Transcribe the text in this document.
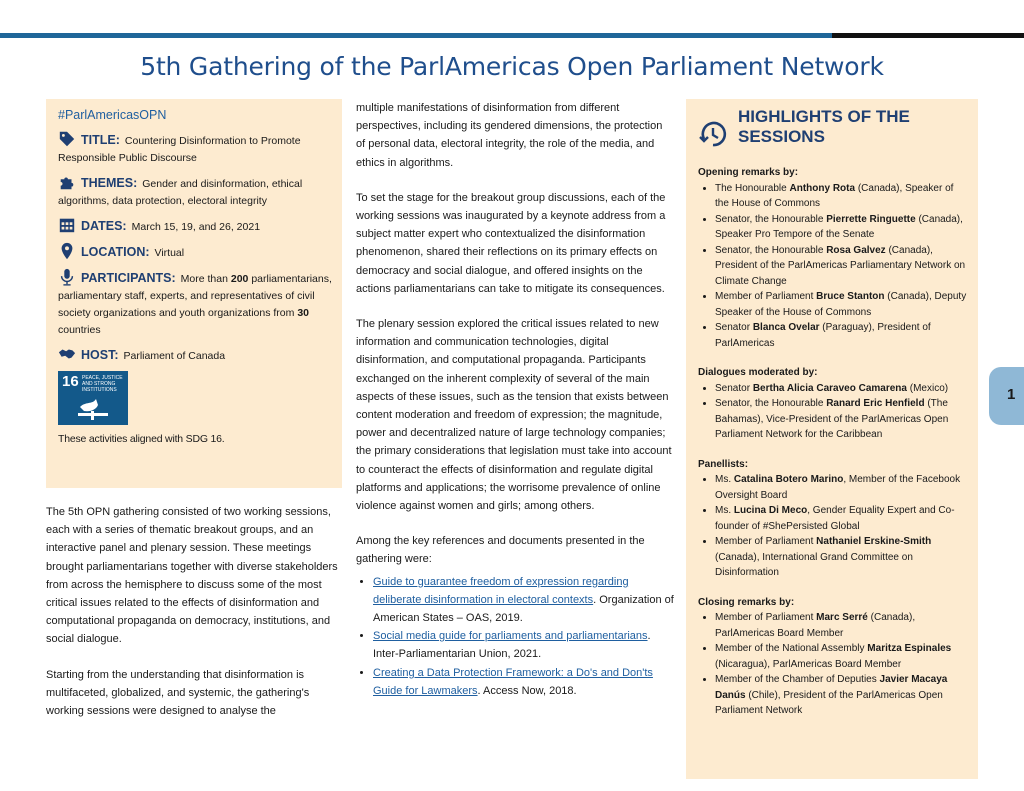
5th Gathering of the ParlAmericas Open Parliament Network
#ParlAmericasOPN
TITLE: Countering Disinformation to Promote Responsible Public Discourse
THEMES: Gender and disinformation, ethical algorithms, data protection, electoral integrity
DATES: March 15, 19, and 26, 2021
LOCATION: Virtual
PARTICIPANTS: More than 200 parliamentarians, parliamentary staff, experts, and representatives of civil society organizations and youth organizations from 30 countries
HOST: Parliament of Canada
16 PEACE, JUSTICE AND STRONG INSTITUTIONS
These activities aligned with SDG 16.

The 5th OPN gathering consisted of two working sessions, each with a series of thematic breakout groups, and an interactive panel and plenary session. These meetings brought parliamentarians together with diverse stakeholders from across the hemisphere to discuss some of the most critical issues related to the effects of disinformation and computational propaganda on democracy, institutions, and social dialogue.

Starting from the understanding that disinformation is multifaceted, globalized, and systemic, the gathering's working sessions were designed to analyse the

multiple manifestations of disinformation from different perspectives, including its gendered dimensions, the protection of personal data, electoral integrity, the role of the media, and ethics in algorithms.

To set the stage for the breakout group discussions, each of the working sessions was inaugurated by a keynote address from a subject matter expert who contextualized the disinformation phenomenon, shared their reflections on its primary effects on democracy and social dialogue, and offered insights on the actions parliamentarians can take to mitigate its consequences.

The plenary session explored the critical issues related to new information and communication technologies, digital disinformation, and computational propaganda. Participants exchanged on the inherent complexity of several of the main aspects of these issues, such as the tension that exists between content moderation and freedom of expression; the magnitude, power and decentralized nature of large technology companies; the primary considerations that legislation must take into account to counteract the effects of disinformation and regulate digital platforms and applications; the worrisome prevalence of online violence against women and girls; among others.

Among the key references and documents presented in the gathering were:

• Guide to guarantee freedom of expression regarding deliberate disinformation in electoral contexts. Organization of American States – OAS, 2019.
• Social media guide for parliaments and parliamentarians. Inter-Parliamentarian Union, 2021.
• Creating a Data Protection Framework: a Do's and Don'ts Guide for Lawmakers. Access Now, 2018.
HIGHLIGHTS OF THE
SESSIONS
Opening remarks by:
• The Honourable Anthony Rota (Canada), Speaker of the House of Commons
• Senator, the Honourable Pierrette Ringuette (Canada), Speaker Pro Tempore of the Senate
• Senator, the Honourable Rosa Galvez (Canada), President of the ParlAmericas Parliamentary Network on Climate Change
• Member of Parliament Bruce Stanton (Canada), Deputy Speaker of the House of Commons
• Senator Blanca Ovelar (Paraguay), President of ParlAmericas
Dialogues moderated by:
• Senator Bertha Alicia Caraveo Camarena (Mexico)
• Senator, the Honourable Ranard Eric Henfield (The Bahamas), Vice-President of the ParlAmericas Open Parliament Network for the Caribbean
Panellists:
• Ms. Catalina Botero Marino, Member of the Facebook Oversight Board
• Ms. Lucina Di Meco, Gender Equality Expert and Co-founder of #ShePersisted Global
• Member of Parliament Nathaniel Erskine-Smith (Canada), International Grand Committee on Disinformation
Closing remarks by:
• Member of Parliament Marc Serré (Canada), ParlAmericas Board Member
• Member of the National Assembly Maritza Espinales (Nicaragua), ParlAmericas Board Member
• Member of the Chamber of Deputies Javier Macaya Danús (Chile), President of the ParlAmericas Open Parliament Network
1
